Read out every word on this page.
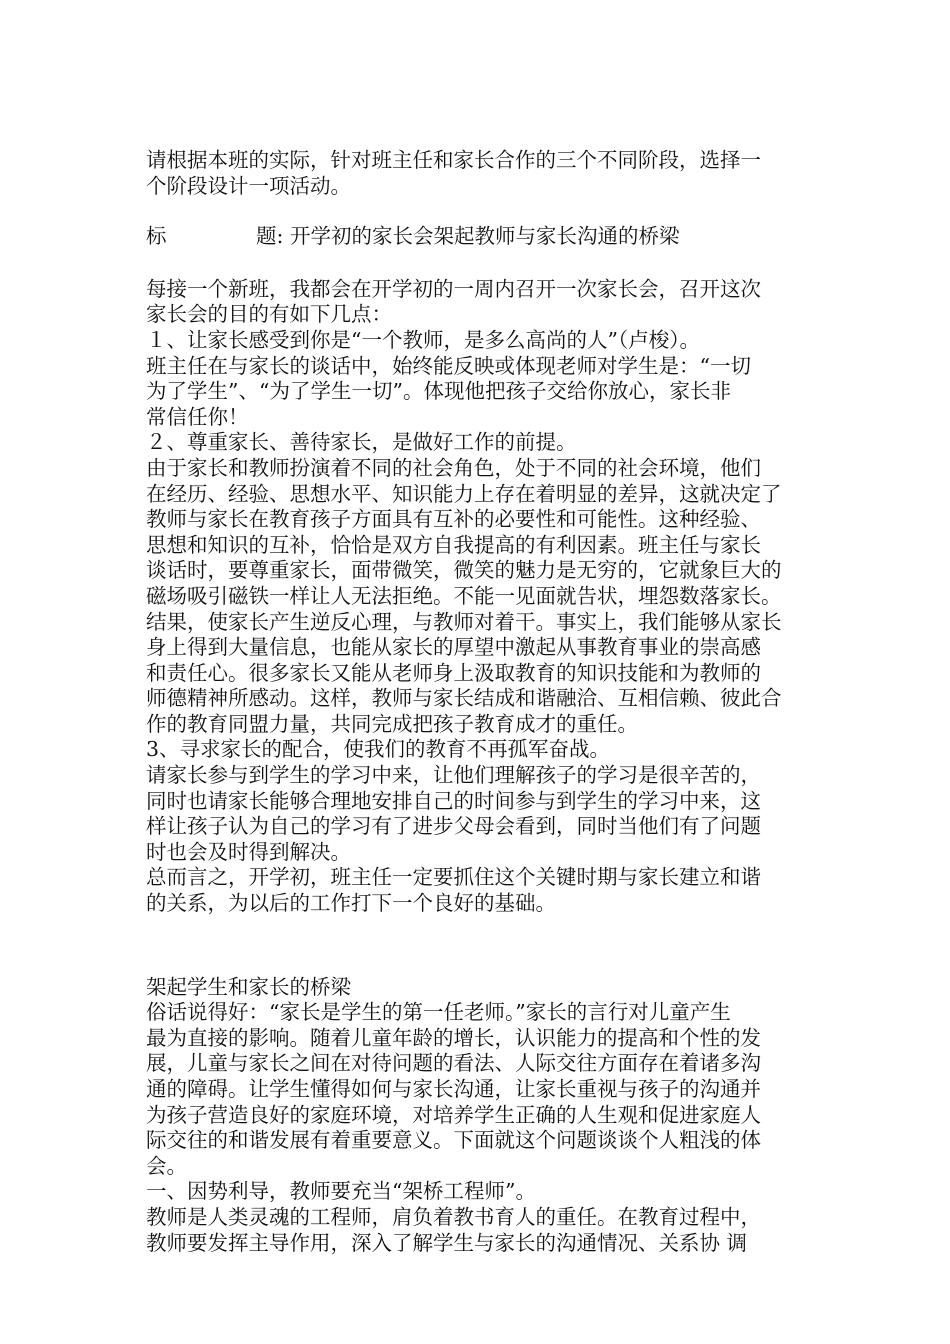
请根据本班的实际，针对班主任和家长合作的三个不同阶段，选择一

个阶段设计一项活动。

标	题: 开学初的家长会架起教师与家长沟通的桥梁

每接一个新班，我都会在开学初的一周内召开一次家长会，召开这次

家长会的目的有如下几点：

１、让家长感受到你是“一个教师，是多么高尚的人”（卢梭）。

班主任在与家长的谈话中，始终能反映或体现老师对学生是：“一切

为了学生”、“为了学生一切”。体现他把孩子交给你放心，家长非

常信任你！

２、尊重家长、善待家长，是做好工作的前提。

由于家长和教师扮演着不同的社会角色，处于不同的社会环境，他们

在经历、经验、思想水平、知识能力上存在着明显的差异，这就决定了

教师与家长在教育孩子方面具有互补的必要性和可能性。这种经验、

思想和知识的互补，恰恰是双方自我提高的有利因素。班主任与家长

谈话时，要尊重家长，面带微笑，微笑的魅力是无穷的，它就象巨大的

磁场吸引磁铁一样让人无法拒绝。不能一见面就告状，埋怨数落家长。

结果，使家长产生逆反心理，与教师对着干。事实上，我们能够从家长

身上得到大量信息，也能从家长的厚望中激起从事教育事业的崇高感

和责任心。很多家长又能从老师身上汲取教育的知识技能和为教师的

师德精神所感动。这样，教师与家长结成和谐融洽、互相信赖、彼此合

作的教育同盟力量，共同完成把孩子教育成才的重任。

3、寻求家长的配合，使我们的教育不再孤军奋战。

请家长参与到学生的学习中来，让他们理解孩子的学习是很辛苦的，

同时也请家长能够合理地安排自己的时间参与到学生的学习中来，这

样让孩子认为自己的学习有了进步父母会看到，同时当他们有了问题

时也会及时得到解决。

总而言之，开学初，班主任一定要抓住这个关键时期与家长建立和谐

的关系，为以后的工作打下一个良好的基础。

架起学生和家长的桥梁

俗话说得好：“家长是学生的第一任老师。”家长的言行对儿童产生

最为直接的影响。随着儿童年龄的增长，认识能力的提高和个性的发

展，儿童与家长之间在对待问题的看法、人际交往方面存在着诸多沟

通的障碍。让学生懂得如何与家长沟通，让家长重视与孩子的沟通并

为孩子营造良好的家庭环境，对培养学生正确的人生观和促进家庭人

际交往的和谐发展有着重要意义。下面就这个问题谈谈个人粗浅的体

会。

一、因势利导，教师要充当“架桥工程师”。

教师是人类灵魂的工程师，肩负着教书育人的重任。在教育过程中，

教师要发挥主导作用，深入了解学生与家长的沟通情况、关系协 调
